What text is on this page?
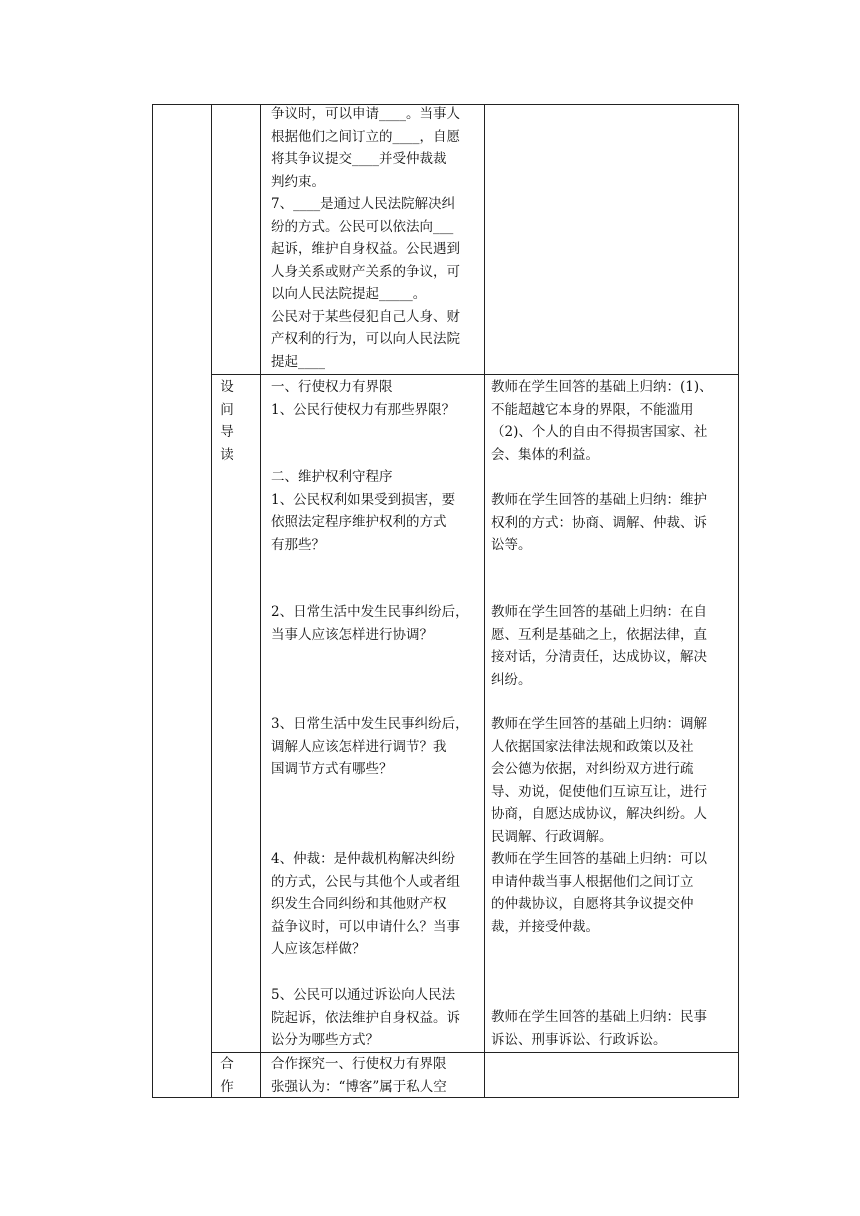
争议时，可以申请____。当事人

根据他们之间订立的____，自愿

将其争议提交____并受仲裁裁

判约束。

7、____是通过人民法院解决纠

纷的方式。公民可以依法向___

起诉，维护自身权益。公民遇到

人身关系或财产关系的争议，可

以向人民法院提起_____。

公民对于某些侵犯自己人身、财

产权利的行为，可以向人民法院

提起____

设
问
导
读

一、行使权力有界限

1、公民行使权力有那些界限？

教师在学生回答的基础上归纳：(1)、

不能超越它本身的界限，不能滥用

（2)、个人的自由不得损害国家、社

会、集体的利益。

二、维护权利守程序

1、公民权利如果受到损害，要

依照法定程序维护权利的方式

有那些？

教师在学生回答的基础上归纳：维护

权利的方式：协商、调解、仲裁、诉

讼等。

2、日常生活中发生民事纠纷后，

当事人应该怎样进行协调？

教师在学生回答的基础上归纳：在自

愿、互利是基础之上，依据法律，直

接对话，分清责任，达成协议，解决

纠纷。

3、日常生活中发生民事纠纷后，

调解人应该怎样进行调节？我

国调节方式有哪些？

教师在学生回答的基础上归纳：调解

人依据国家法律法规和政策以及社

会公德为依据，对纠纷双方进行疏

导、劝说，促使他们互谅互让，进行

协商，自愿达成协议，解决纠纷。人

民调解、行政调解。

4、仲裁：是仲裁机构解决纠纷

的方式，公民与其他个人或者组

织发生合同纠纷和其他财产权

益争议时，可以申请什么？当事

人应该怎样做？

教师在学生回答的基础上归纳：可以

申请仲裁当事人根据他们之间订立

的仲裁协议，自愿将其争议提交仲

裁，并接受仲裁。

5、公民可以通过诉讼向人民法

院起诉，依法维护自身权益。诉

讼分为哪些方式？

教师在学生回答的基础上归纳：民事

诉讼、刑事诉讼、行政诉讼。

合
作

合作探究一、行使权力有界限

张强认为：“博客”属于私人空
